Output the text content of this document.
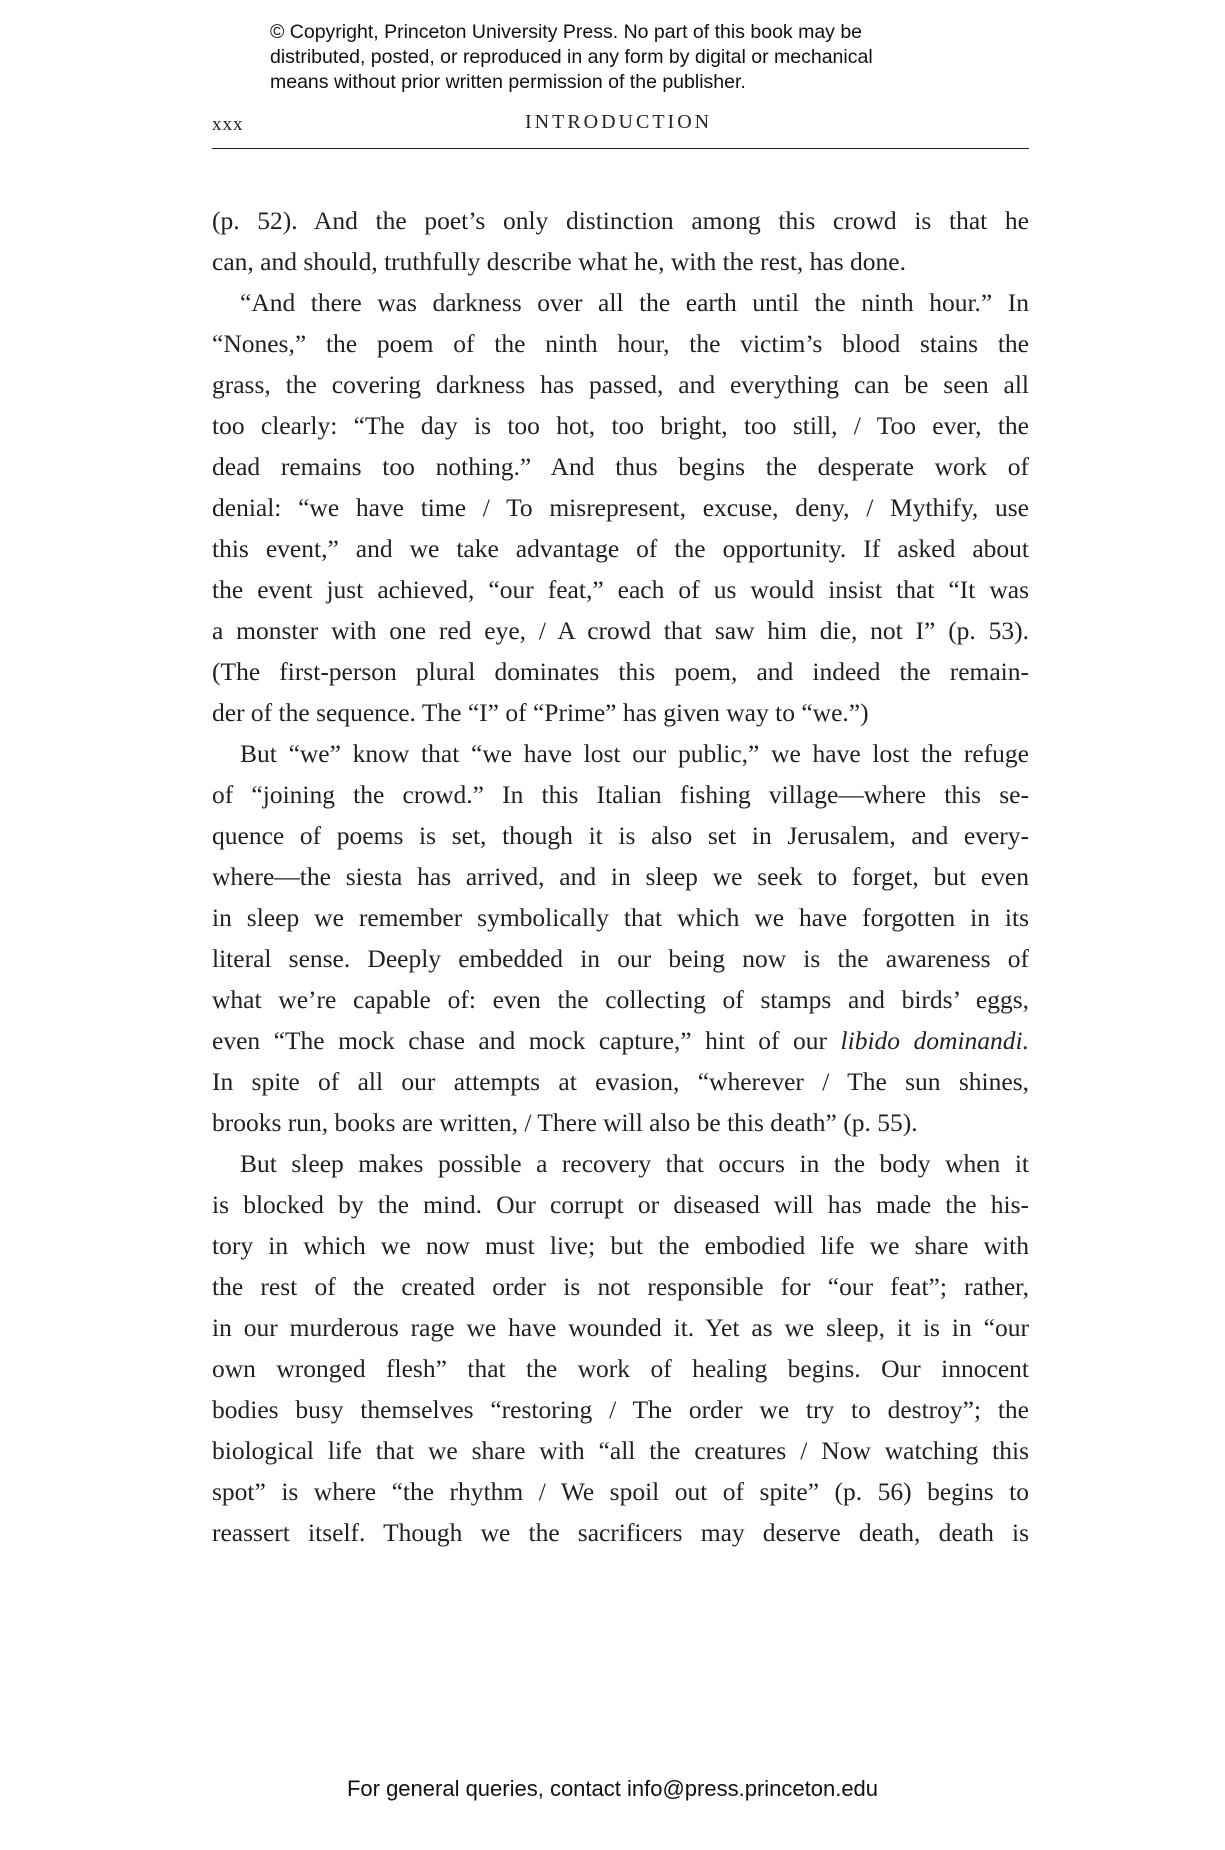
© Copyright, Princeton University Press. No part of this book may be
distributed, posted, or reproduced in any form by digital or mechanical
means without prior written permission of the publisher.
xxx	INTRODUCTION
(p. 52). And the poet’s only distinction among this crowd is that he
can, and should, truthfully describe what he, with the rest, has done.
“And there was darkness over all the earth until the ninth hour.” In
“Nones,” the poem of the ninth hour, the victim’s blood stains the
grass, the covering darkness has passed, and everything can be seen all
too clearly: “The day is too hot, too bright, too still, / Too ever, the
dead remains too nothing.” And thus begins the desperate work of
denial: “we have time / To misrepresent, excuse, deny, / Mythify, use
this event,” and we take advantage of the opportunity. If asked about
the event just achieved, “our feat,” each of us would insist that “It was
a monster with one red eye, / A crowd that saw him die, not I” (p. 53).
(The first-person plural dominates this poem, and indeed the remain-
der of the sequence. The “I” of “Prime” has given way to “we.”)
But “we” know that “we have lost our public,” we have lost the refuge
of “joining the crowd.” In this Italian fishing village—where this se-
quence of poems is set, though it is also set in Jerusalem, and every-
where—the siesta has arrived, and in sleep we seek to forget, but even
in sleep we remember symbolically that which we have forgotten in its
literal sense. Deeply embedded in our being now is the awareness of
what we’re capable of: even the collecting of stamps and birds’ eggs,
even “The mock chase and mock capture,” hint of our libido dominandi.
In spite of all our attempts at evasion, “wherever / The sun shines,
brooks run, books are written, / There will also be this death” (p. 55).
But sleep makes possible a recovery that occurs in the body when it
is blocked by the mind. Our corrupt or diseased will has made the his-
tory in which we now must live; but the embodied life we share with
the rest of the created order is not responsible for “our feat”; rather,
in our murderous rage we have wounded it. Yet as we sleep, it is in “our
own wronged flesh” that the work of healing begins. Our innocent
bodies busy themselves “restoring / The order we try to destroy”; the
biological life that we share with “all the creatures / Now watching this
spot” is where “the rhythm / We spoil out of spite” (p. 56) begins to
reassert itself. Though we the sacrificers may deserve death, death is
For general queries, contact info@press.princeton.edu
